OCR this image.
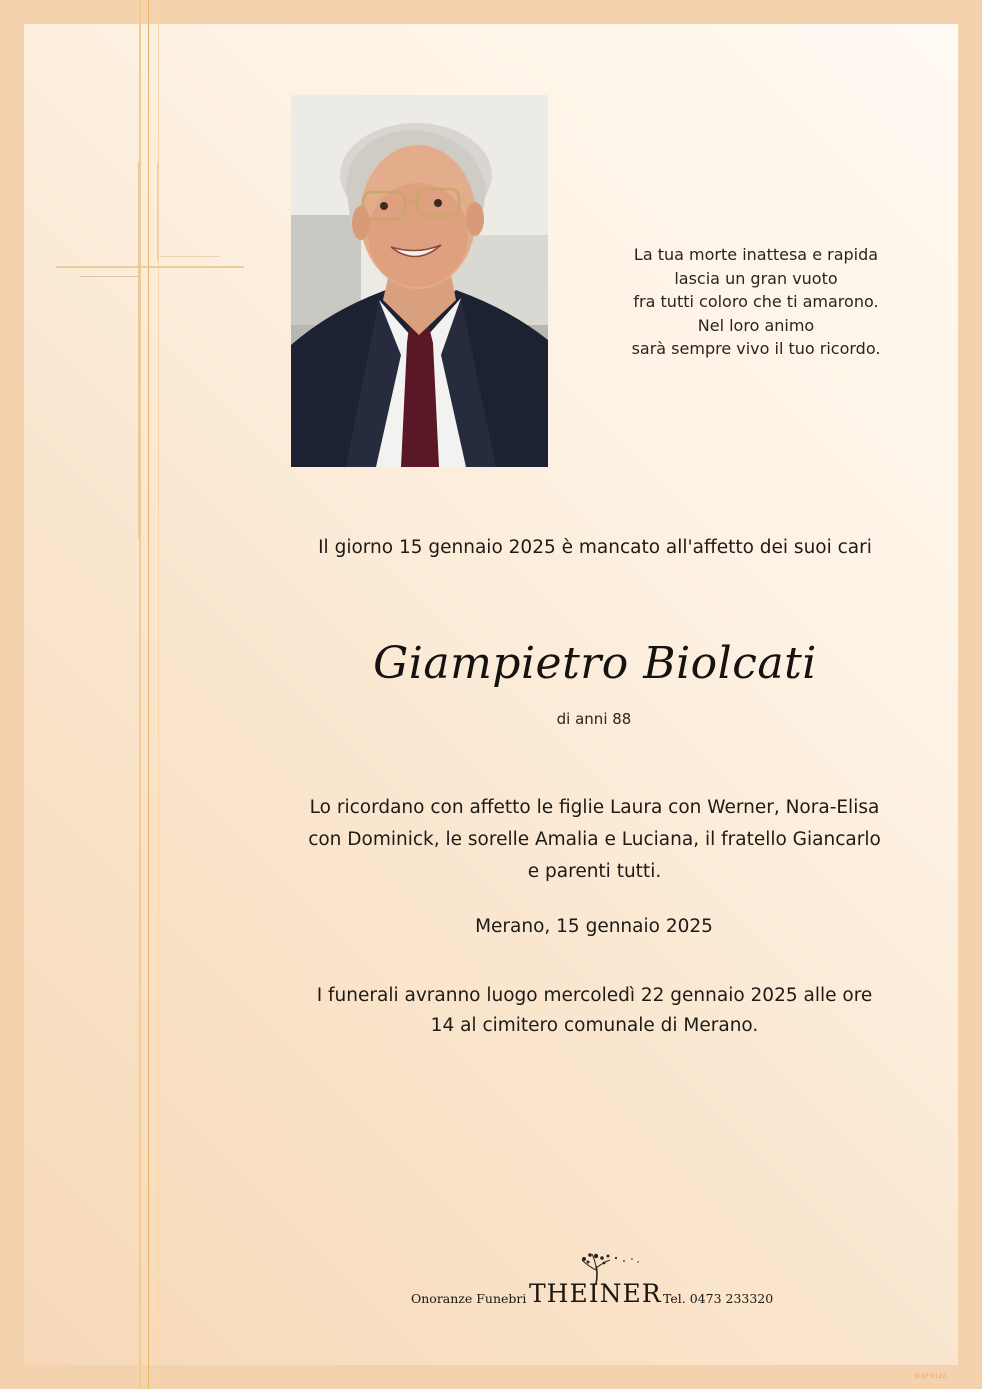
La tua morte inattesa e rapida
lascia un gran vuoto
fra tutti coloro che ti amarono.
Nel loro animo
sarà sempre vivo il tuo ricordo.
Il giorno 15 gennaio 2025 è mancato all'affetto dei suoi cari
Giampietro Biolcati
di anni 88
Lo ricordano con affetto le figlie Laura con Werner, Nora-Elisa
con Dominick, le sorelle Amalia e Luciana, il fratello Giancarlo
e parenti tutti.
Merano, 15 gennaio 2025
I funerali avranno luogo mercoledì 22 gennaio 2025 alle ore
14 al cimitero comunale di Merano.
Onoranze Funebri THEINER Tel. 0473 233320
D EF 0120
